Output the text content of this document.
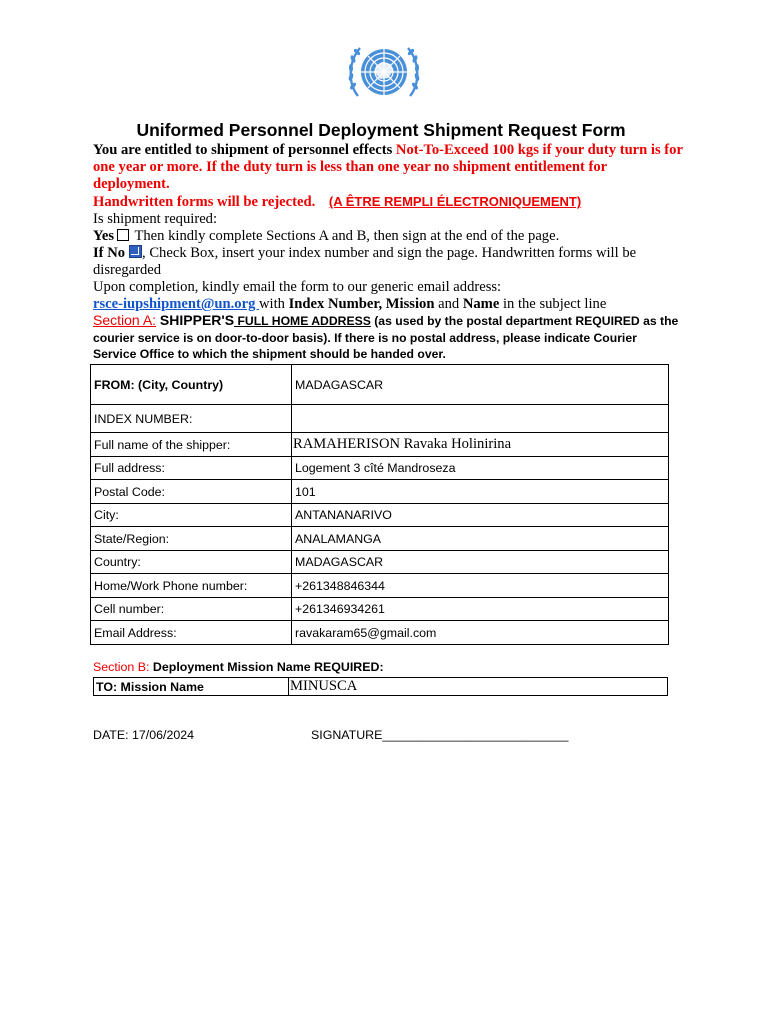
Uniformed Personnel Deployment Shipment Request Form

You are entitled to shipment of personnel effects Not-To-Exceed 100 kgs if your duty turn is for one year or more. If the duty turn is less than one year no shipment entitlement for deployment.

Handwritten forms will be rejected. (A ÊTRE REMPLI ÉLECTRONIQUEMENT)

Is shipment required:

Yes Then kindly complete Sections A and B, then sign at the end of the page.

If No , Check Box, insert your index number and sign the page. Handwritten forms will be disregarded

Upon completion, kindly email the form to our generic email address:

rsce-iupshipment@un.org with Index Number, Mission and Name in the subject line

Section A: SHIPPER'S FULL HOME ADDRESS (as used by the postal department REQUIRED as the courier service is on door-to-door basis). If there is no postal address, please indicate Courier Service Office to which the shipment should be handed over.
FROM: (City, Country)	MADAGASCAR
INDEX NUMBER:	
Full name of the shipper:	RAMAHERISON Ravaka Holinirina
Full address:	Logement 3 cîté Mandroseza
Postal Code:	101
City:	ANTANANARIVO
State/Region:	ANALAMANGA
Country:	MADAGASCAR
Home/Work Phone number:	+261348846344
Cell number:	+261346934261
Email Address:	ravakaram65@gmail.com
Section B: Deployment Mission Name REQUIRED:
TO: Mission Name	MINUSCA
DATE: 17/06/2024	SIGNATURE___________________________
